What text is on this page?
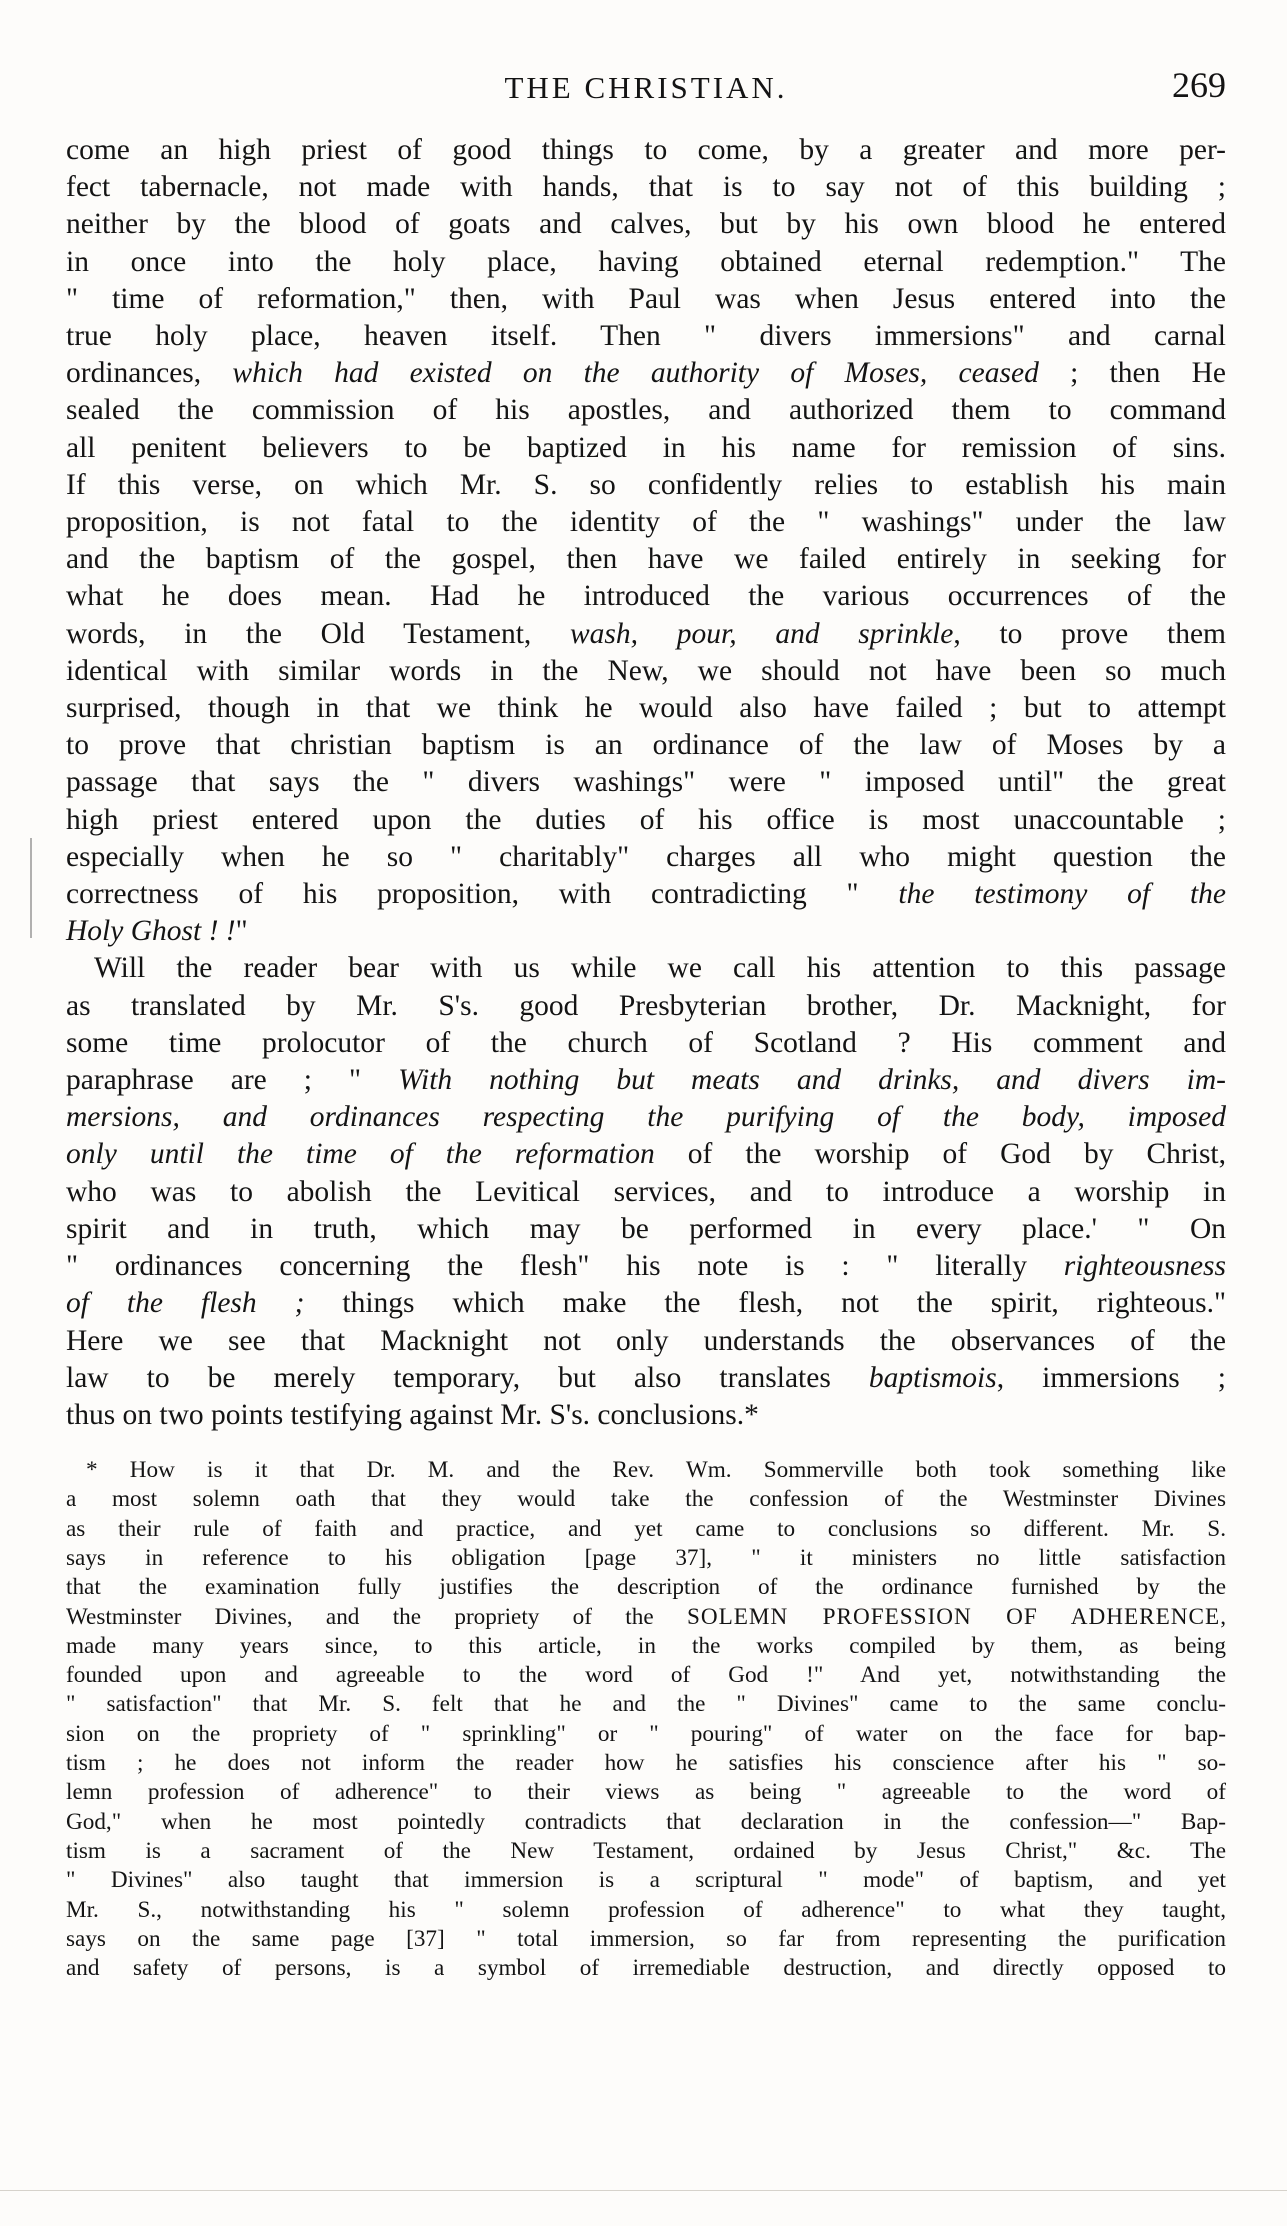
THE CHRISTIAN.	269
come an high priest of good things to come, by a greater and more per-
fect tabernacle, not made with hands, that is to say not of this building ;
neither by the blood of goats and calves, but by his own blood he entered
in once into the holy place, having obtained eternal redemption." The
" time of reformation," then, with Paul was when Jesus entered into the
true holy place, heaven itself. Then " divers immersions" and carnal
ordinances, which had existed on the authority of Moses, ceased ; then He
sealed the commission of his apostles, and authorized them to command
all penitent believers to be baptized in his name for remission of sins.
If this verse, on which Mr. S. so confidently relies to establish his main
proposition, is not fatal to the identity of the " washings" under the law
and the baptism of the gospel, then have we failed entirely in seeking for
what he does mean. Had he introduced the various occurrences of the
words, in the Old Testament, wash, pour, and sprinkle, to prove them
identical with similar words in the New, we should not have been so much
surprised, though in that we think he would also have failed ; but to attempt
to prove that christian baptism is an ordinance of the law of Moses by a
passage that says the " divers washings" were " imposed until" the great
high priest entered upon the duties of his office is most unaccountable ;
especially when he so " charitably" charges all who might question the
correctness of his proposition, with contradicting " the testimony of the
Holy Ghost ! !"
Will the reader bear with us while we call his attention to this passage
as translated by Mr. S's. good Presbyterian brother, Dr. Macknight, for
some time prolocutor of the church of Scotland ? His comment and
paraphrase are ; " With nothing but meats and drinks, and divers im-
mersions, and ordinances respecting the purifying of the body, imposed
only until the time of the reformation of the worship of God by Christ,
who was to abolish the Levitical services, and to introduce a worship in
spirit and in truth, which may be performed in every place.' " On
" ordinances concerning the flesh" his note is : " literally righteousness
of the flesh ; things which make the flesh, not the spirit, righteous."
Here we see that Macknight not only understands the observances of the
law to be merely temporary, but also translates baptismois, immersions ;
thus on two points testifying against Mr. S's. conclusions.*
* How is it that Dr. M. and the Rev. Wm. Sommerville both took something like
a most solemn oath that they would take the confession of the Westminster Divines
as their rule of faith and practice, and yet came to conclusions so different. Mr. S.
says in reference to his obligation [page 37], " it ministers no little satisfaction
that the examination fully justifies the description of the ordinance furnished by the
Westminster Divines, and the propriety of the SOLEMN PROFESSION OF ADHERENCE,
made many years since, to this article, in the works compiled by them, as being
founded upon and agreeable to the word of God !" And yet, notwithstanding the
" satisfaction" that Mr. S. felt that he and the " Divines" came to the same conclu-
sion on the propriety of " sprinkling" or " pouring" of water on the face for bap-
tism ; he does not inform the reader how he satisfies his conscience after his " so-
lemn profession of adherence" to their views as being " agreeable to the word of
God," when he most pointedly contradicts that declaration in the confession—" Bap-
tism is a sacrament of the New Testament, ordained by Jesus Christ," &c. The
" Divines" also taught that immersion is a scriptural " mode" of baptism, and yet
Mr. S., notwithstanding his " solemn profession of adherence" to what they taught,
says on the same page [37] " total immersion, so far from representing the purification
and safety of persons, is a symbol of irremediable destruction, and directly opposed to
